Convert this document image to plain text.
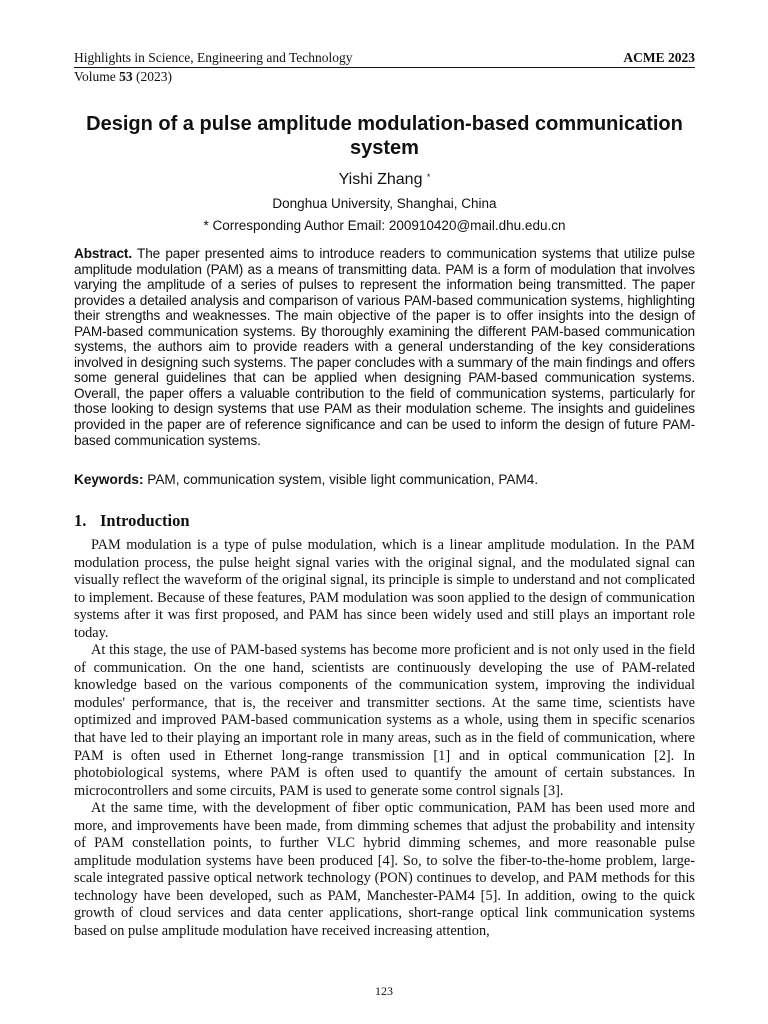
Highlights in Science, Engineering and Technology	ACME 2023
Volume 53 (2023)
Design of a pulse amplitude modulation-based communication system
Yishi Zhang *
Donghua University, Shanghai, China
* Corresponding Author Email: 200910420@mail.dhu.edu.cn
Abstract. The paper presented aims to introduce readers to communication systems that utilize pulse amplitude modulation (PAM) as a means of transmitting data. PAM is a form of modulation that involves varying the amplitude of a series of pulses to represent the information being transmitted. The paper provides a detailed analysis and comparison of various PAM-based communication systems, highlighting their strengths and weaknesses. The main objective of the paper is to offer insights into the design of PAM-based communication systems. By thoroughly examining the different PAM-based communication systems, the authors aim to provide readers with a general understanding of the key considerations involved in designing such systems. The paper concludes with a summary of the main findings and offers some general guidelines that can be applied when designing PAM-based communication systems. Overall, the paper offers a valuable contribution to the field of communication systems, particularly for those looking to design systems that use PAM as their modulation scheme. The insights and guidelines provided in the paper are of reference significance and can be used to inform the design of future PAM-based communication systems.
Keywords: PAM, communication system, visible light communication, PAM4.
1. Introduction

PAM modulation is a type of pulse modulation, which is a linear amplitude modulation. In the PAM modulation process, the pulse height signal varies with the original signal, and the modulated signal can visually reflect the waveform of the original signal, its principle is simple to understand and not complicated to implement. Because of these features, PAM modulation was soon applied to the design of communication systems after it was first proposed, and PAM has since been widely used and still plays an important role today.

At this stage, the use of PAM-based systems has become more proficient and is not only used in the field of communication. On the one hand, scientists are continuously developing the use of PAM-related knowledge based on the various components of the communication system, improving the individual modules' performance, that is, the receiver and transmitter sections. At the same time, scientists have optimized and improved PAM-based communication systems as a whole, using them in specific scenarios that have led to their playing an important role in many areas, such as in the field of communication, where PAM is often used in Ethernet long-range transmission [1] and in optical communication [2]. In photobiological systems, where PAM is often used to quantify the amount of certain substances. In microcontrollers and some circuits, PAM is used to generate some control signals [3].

At the same time, with the development of fiber optic communication, PAM has been used more and more, and improvements have been made, from dimming schemes that adjust the probability and intensity of PAM constellation points, to further VLC hybrid dimming schemes, and more reasonable pulse amplitude modulation systems have been produced [4]. So, to solve the fiber-to-the-home problem, large-scale integrated passive optical network technology (PON) continues to develop, and PAM methods for this technology have been developed, such as PAM, Manchester-PAM4 [5]. In addition, owing to the quick growth of cloud services and data center applications, short-range optical link communication systems based on pulse amplitude modulation have received increasing attention,

123
